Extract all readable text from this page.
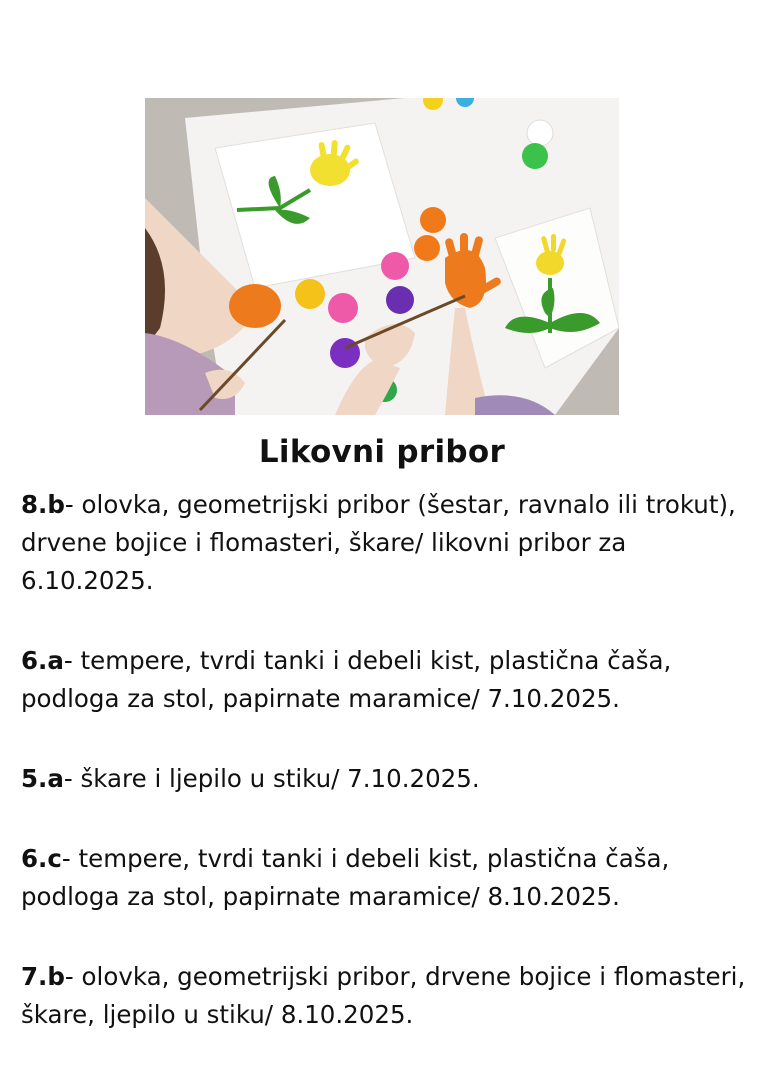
Likovni pribor

8.b- olovka, geometrijski pribor (šestar, ravnalo ili trokut), drvene bojice i flomasteri, škare/ likovni pribor za 6.10.2025.

6.a- tempere, tvrdi tanki i debeli kist, plastična čaša, podloga za stol, papirnate maramice/ 7.10.2025.

5.a- škare i ljepilo u stiku/ 7.10.2025.

6.c- tempere, tvrdi tanki i debeli kist, plastična čaša, podloga za stol, papirnate maramice/ 8.10.2025.

7.b- olovka, geometrijski pribor, drvene bojice i flomasteri, škare, ljepilo u stiku/ 8.10.2025.
